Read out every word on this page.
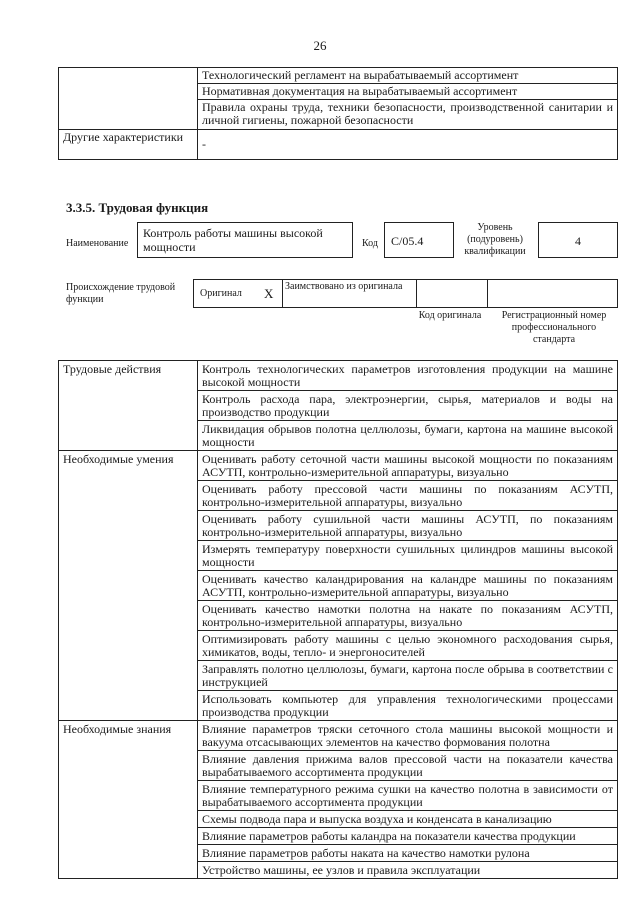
26
	Технологический регламент на вырабатываемый ассортимент
	Нормативная документация на вырабатываемый ассортимент
	Правила охраны труда, техники безопасности, производственной санитарии и личной гигиены, пожарной безопасности
Другие характеристики	-
3.3.5. Трудовая функция
Наименование
Контроль работы машины высокой мощности	Код	С/05.4
Уровень (подуровень) квалификации
4
Происхождение трудовой функции
Оригинал X Заимствовано из оригинала
Код оригинала	Регистрационный номер профессионального стандарта
Трудовые действия	Контроль технологических параметров изготовления продукции на машине высокой мощности
	Контроль расхода пара, электроэнергии, сырья, материалов и воды на производство продукции
	Ликвидация обрывов полотна целлюлозы, бумаги, картона на машине высокой мощности
Необходимые умения	Оценивать работу сеточной части машины высокой мощности по показаниям АСУТП, контрольно-измерительной аппаратуры, визуально
	Оценивать работу прессовой части машины по показаниям АСУТП, контрольно-измерительной аппаратуры, визуально
	Оценивать работу сушильной части машины АСУТП, по показаниям контрольно-измерительной аппаратуры, визуально
	Измерять температуру поверхности сушильных цилиндров машины высокой мощности
	Оценивать качество каландрирования на каландре машины по показаниям АСУТП, контрольно-измерительной аппаратуры, визуально
	Оценивать качество намотки полотна на накате по показаниям АСУТП, контрольно-измерительной аппаратуры, визуально
	Оптимизировать работу машины с целью экономного расходования сырья, химикатов, воды, тепло- и энергоносителей
	Заправлять полотно целлюлозы, бумаги, картона после обрыва в соответствии с инструкцией
	Использовать компьютер для управления технологическими процессами производства продукции
Необходимые знания	Влияние параметров тряски сеточного стола машины высокой мощности и вакуума отсасывающих элементов на качество формования полотна
	Влияние давления прижима валов прессовой части на показатели качества вырабатываемого ассортимента продукции
	Влияние температурного режима сушки на качество полотна в зависимости от вырабатываемого ассортимента продукции
	Схемы подвода пара и выпуска воздуха и конденсата в канализацию
	Влияние параметров работы каландра на показатели качества продукции
	Влияние параметров работы наката на качество намотки рулона
	Устройство машины, ее узлов и правила эксплуатации
